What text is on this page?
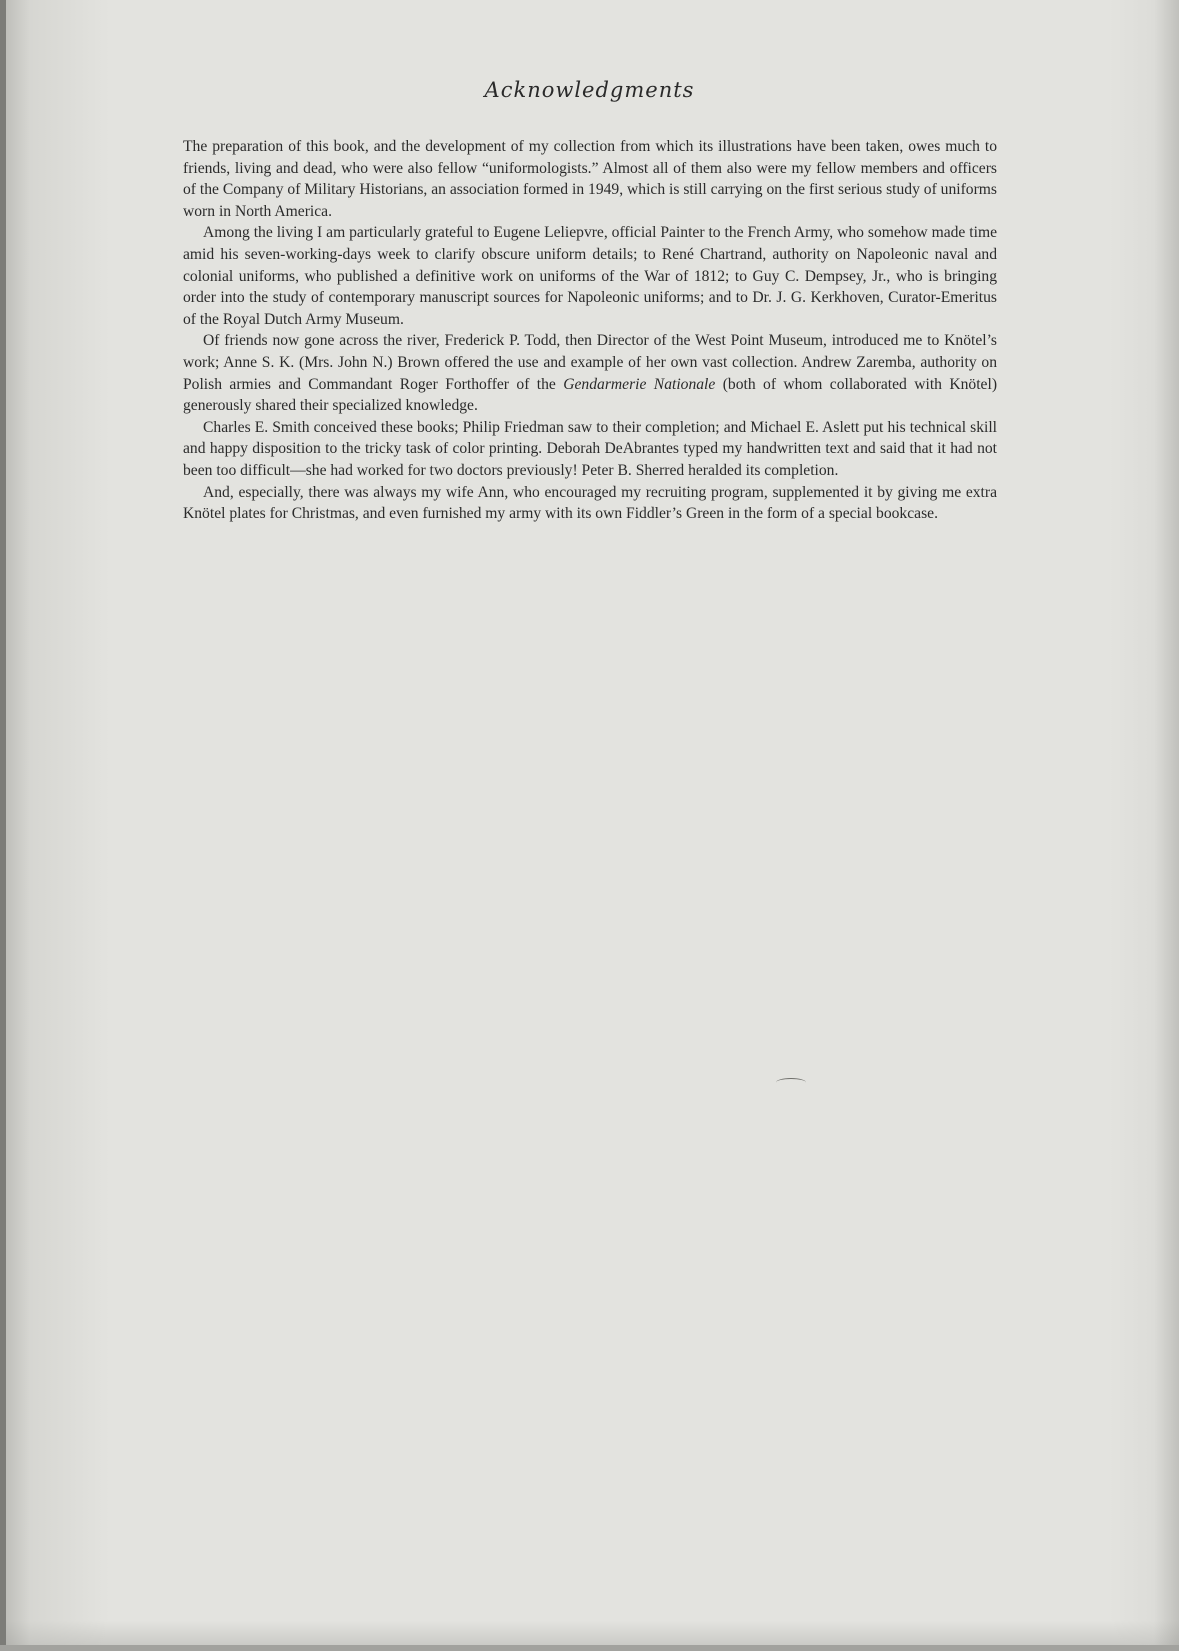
Acknowledgments

The preparation of this book, and the development of my collection from which its illustrations have been taken, owes much to friends, living and dead, who were also fellow “uniformologists.” Almost all of them also were my fellow members and officers of the Company of Military Historians, an association formed in 1949, which is still carrying on the first serious study of uniforms worn in North America.

Among the living I am particularly grateful to Eugene Leliepvre, official Painter to the French Army, who somehow made time amid his seven-working-days week to clarify obscure uniform details; to René Chartrand, authority on Napoleonic naval and colonial uniforms, who published a definitive work on uniforms of the War of 1812; to Guy C. Dempsey, Jr., who is bringing order into the study of contemporary manuscript sources for Napoleonic uniforms; and to Dr. J. G. Kerkhoven, Curator-Emeritus of the Royal Dutch Army Museum.

Of friends now gone across the river, Frederick P. Todd, then Director of the West Point Museum, introduced me to Knötel’s work; Anne S. K. (Mrs. John N.) Brown offered the use and example of her own vast collection. Andrew Zaremba, authority on Polish armies and Commandant Roger Forthoffer of the Gendarmerie Nationale (both of whom collaborated with Knötel) generously shared their specialized knowledge.

Charles E. Smith conceived these books; Philip Friedman saw to their completion; and Michael E. Aslett put his technical skill and happy disposition to the tricky task of color printing. Deborah DeAbrantes typed my handwritten text and said that it had not been too difficult—she had worked for two doctors previously! Peter B. Sherred heralded its completion.

And, especially, there was always my wife Ann, who encouraged my recruiting program, supplemented it by giving me extra Knötel plates for Christmas, and even furnished my army with its own Fiddler’s Green in the form of a special bookcase.
